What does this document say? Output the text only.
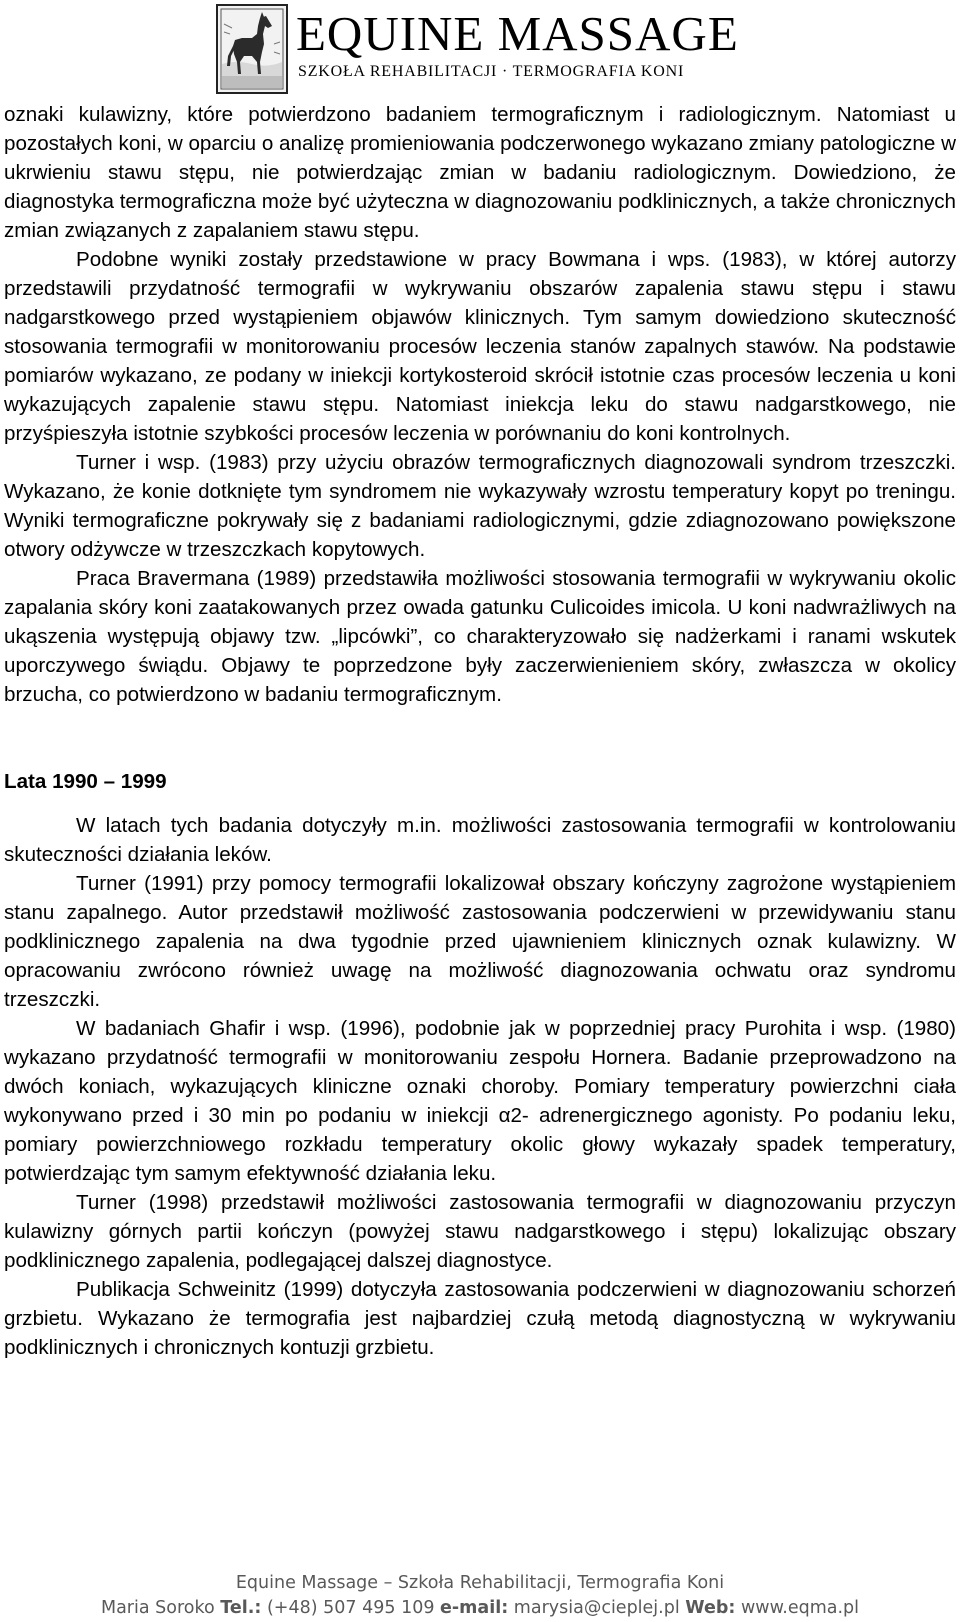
EQUINE MASSAGE
SZKOŁA REHABILITACJI · TERMOGRAFIA KONI

oznaki kulawizny, które potwierdzono badaniem termograficznym i radiologicznym. Natomiast u pozostałych koni, w oparciu o analizę promieniowania podczerwonego wykazano zmiany patologiczne w ukrwieniu stawu stępu, nie potwierdzając zmian w badaniu radiologicznym. Dowiedziono, że diagnostyka termograficzna może być użyteczna w diagnozowaniu podklinicznych, a także chronicznych zmian związanych z zapalaniem stawu stępu.

Podobne wyniki zostały przedstawione w pracy Bowmana i wps. (1983), w której autorzy przedstawili przydatność termografii w wykrywaniu obszarów zapalenia stawu stępu i stawu nadgarstkowego przed wystąpieniem objawów klinicznych. Tym samym dowiedziono skuteczność stosowania termografii w monitorowaniu procesów leczenia stanów zapalnych stawów. Na podstawie pomiarów wykazano, ze podany w iniekcji kortykosteroid skrócił istotnie czas procesów leczenia u koni wykazujących zapalenie stawu stępu. Natomiast iniekcja leku do stawu nadgarstkowego, nie przyśpieszyła istotnie szybkości procesów leczenia w porównaniu do koni kontrolnych.

Turner i wsp. (1983) przy użyciu obrazów termograficznych diagnozowali syndrom trzeszczki. Wykazano, że konie dotknięte tym syndromem nie wykazywały wzrostu temperatury kopyt po treningu. Wyniki termograficzne pokrywały się z badaniami radiologicznymi, gdzie zdiagnozowano powiększone otwory odżywcze w trzeszczkach kopytowych.

Praca Bravermana (1989) przedstawiła możliwości stosowania termografii w wykrywaniu okolic zapalania skóry koni zaatakowanych przez owada gatunku Culicoides imicola. U koni nadwrażliwych na ukąszenia występują objawy tzw. „lipcówki”, co charakteryzowało się nadżerkami i ranami wskutek uporczywego świądu. Objawy te poprzedzone były zaczerwienieniem skóry, zwłaszcza w okolicy brzucha, co potwierdzono w badaniu termograficznym.

Lata 1990 – 1999

W latach tych badania dotyczyły m.in. możliwości zastosowania termografii w kontrolowaniu skuteczności działania leków.

Turner (1991) przy pomocy termografii lokalizował obszary kończyny zagrożone wystąpieniem stanu zapalnego. Autor przedstawił możliwość zastosowania podczerwieni w przewidywaniu stanu podklinicznego zapalenia na dwa tygodnie przed ujawnieniem klinicznych oznak kulawizny. W opracowaniu zwrócono również uwagę na możliwość diagnozowania ochwatu oraz syndromu trzeszczki.

W badaniach Ghafir i wsp. (1996), podobnie jak w poprzedniej pracy Purohita i wsp. (1980) wykazano przydatność termografii w monitorowaniu zespołu Hornera. Badanie przeprowadzono na dwóch koniach, wykazujących kliniczne oznaki choroby. Pomiary temperatury powierzchni ciała wykonywano przed i 30 min po podaniu w iniekcji α2- adrenergicznego agonisty. Po podaniu leku, pomiary powierzchniowego rozkładu temperatury okolic głowy wykazały spadek temperatury, potwierdzając tym samym efektywność działania leku.

Turner (1998) przedstawił możliwości zastosowania termografii w diagnozowaniu przyczyn kulawizny górnych partii kończyn (powyżej stawu nadgarstkowego i stępu) lokalizując obszary podklinicznego zapalenia, podlegającej dalszej diagnostyce.

Publikacja Schweinitz (1999) dotyczyła zastosowania podczerwieni w diagnozowaniu schorzeń grzbietu. Wykazano że termografia jest najbardziej czułą metodą diagnostyczną w wykrywaniu podklinicznych i chronicznych kontuzji grzbietu.

Equine Massage – Szkoła Rehabilitacji, Termografia Koni
Maria Soroko Tel.: (+48) 507 495 109 e-mail: marysia@cieplej.pl Web: www.eqma.pl
